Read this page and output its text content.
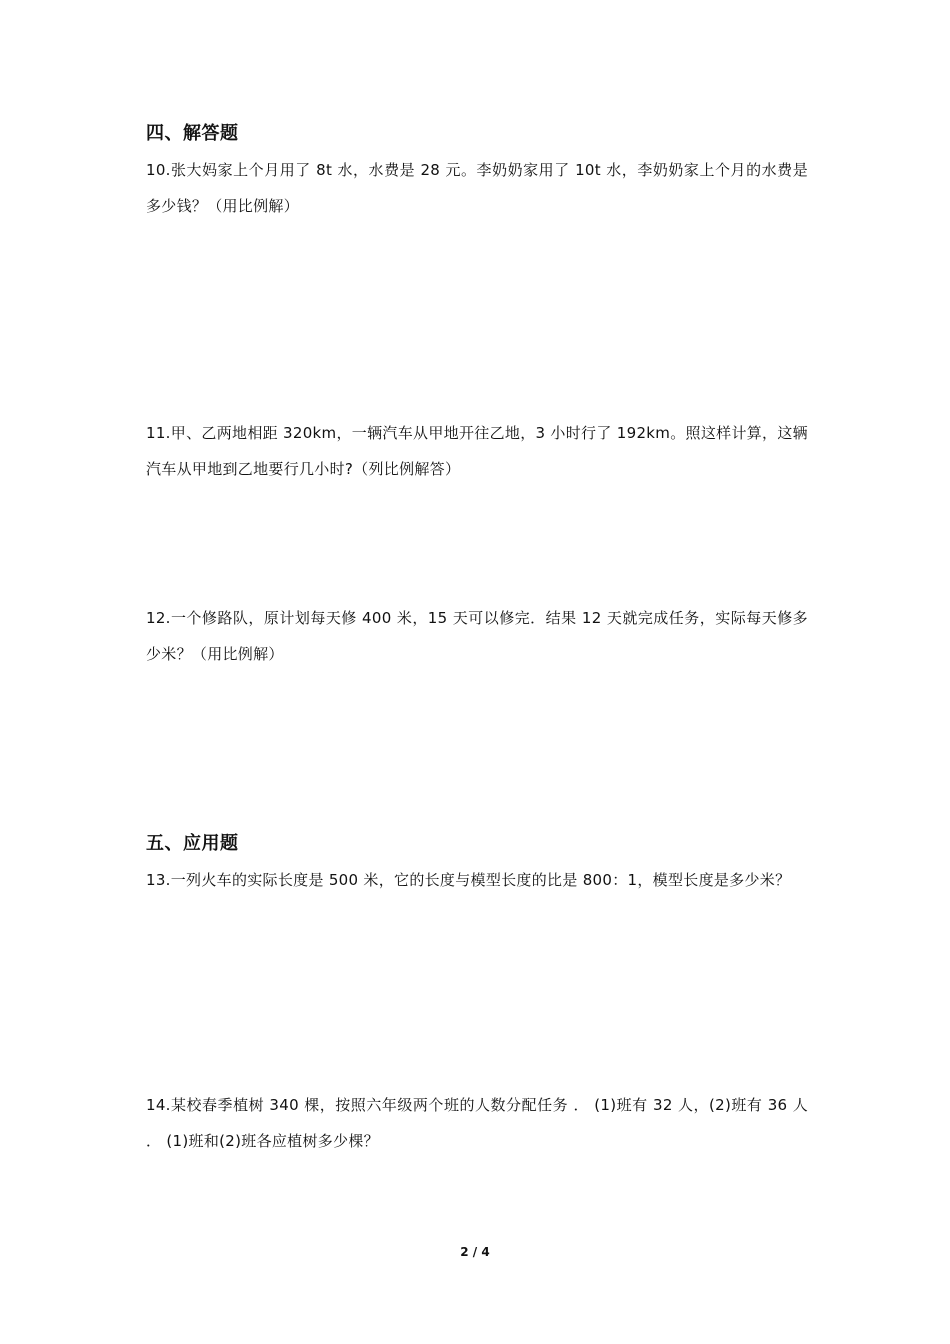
四、解答题

10.张大妈家上个月用了 8t 水，水费是 28 元。李奶奶家用了 10t 水，李奶奶家上个月的水费是多少钱？（用比例解）

11.甲、乙两地相距 320km，一辆汽车从甲地开往乙地，3 小时行了 192km。照这样计算，这辆汽车从甲地到乙地要行几小时?（列比例解答）

12.一个修路队，原计划每天修 400 米，15 天可以修完．结果 12 天就完成任务，实际每天修多少米？（用比例解）

五、应用题

13.一列火车的实际长度是 500 米，它的长度与模型长度的比是 800：1，模型长度是多少米？

14.某校春季植树 340 棵，按照六年级两个班的人数分配任务 ． (1)班有 32 人，(2)班有 36 人 ． (1)班和(2)班各应植树多少棵？

2 / 4
